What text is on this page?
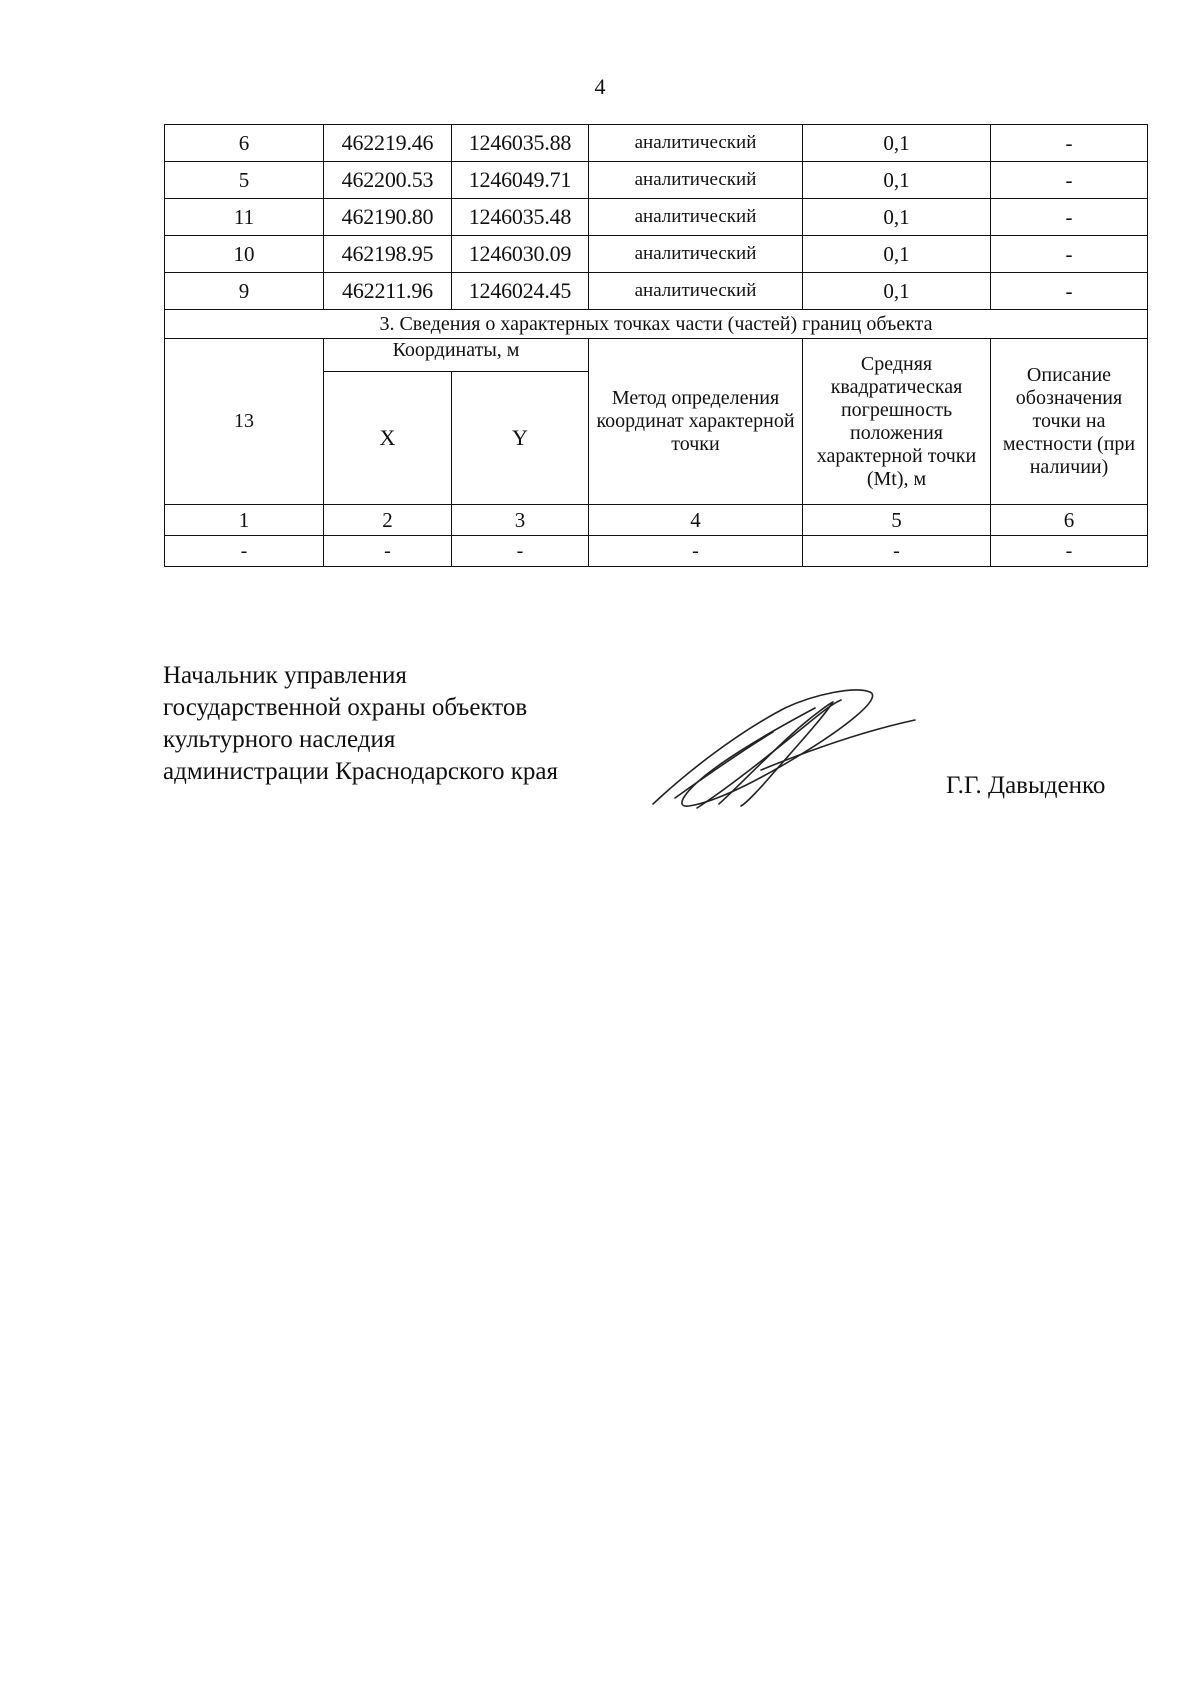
4
6	462219.46	1246035.88	аналитический	0,1	-
5	462200.53	1246049.71	аналитический	0,1	-
11	462190.80	1246035.48	аналитический	0,1	-
10	462198.95	1246030.09	аналитический	0,1	-
9	462211.96	1246024.45	аналитический	0,1	-
3. Сведения о характерных точках части (частей) границ объекта					
13	Координаты, м		Метод определения координат характерной точки	Средняя квадратическая погрешность положения характерной точки (Mt), м	Описание обозначения точки на местности (при наличии)
	X	Y			
1	2	3	4	5	6
-	-	-	-	-	-
Начальник управления
государственной охраны объектов
культурного наследия
администрации Краснодарского края
Г.Г. Давыденко
